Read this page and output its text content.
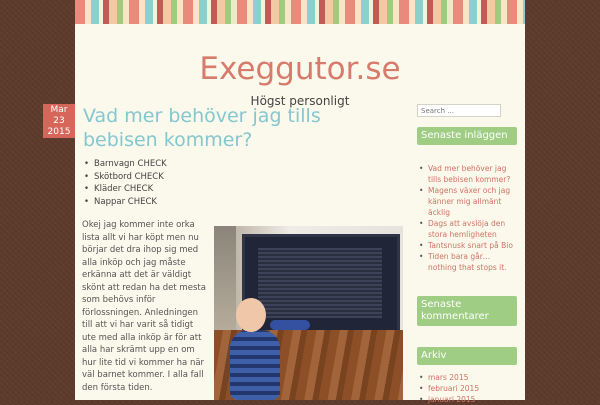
Exeggutor.se
Högst personligt
Mar
23
2015
Vad mer behöver jag tills bebisen kommer?
• Barnvagn CHECK
• Skötbord CHECK
• Kläder CHECK
• Nappar CHECK

Okej jag kommer inte orka lista allt vi har köpt men nu börjar det dra ihop sig med alla inköp och jag måste erkänna att det är väldigt skönt att redan ha det mesta som behövs inför förlossningen. Anledningen till att vi har varit så tidigt ute med alla inköp är för att alla har skrämt upp en om hur lite tid vi kommer ha när väl barnet kommer. I alla fall den första tiden.

Search ...
Senaste inläggen
• Vad mer behöver jag tills bebisen kommer?
• Magens växer och jag känner mig allmänt äcklig
• Dags att avslöja den stora hemligheten
• Tantsnusk snart på Bio
• Tiden bara går… nothing that stops it.
Senaste kommentarer
Arkiv
• mars 2015
• februari 2015
• januari 2015
